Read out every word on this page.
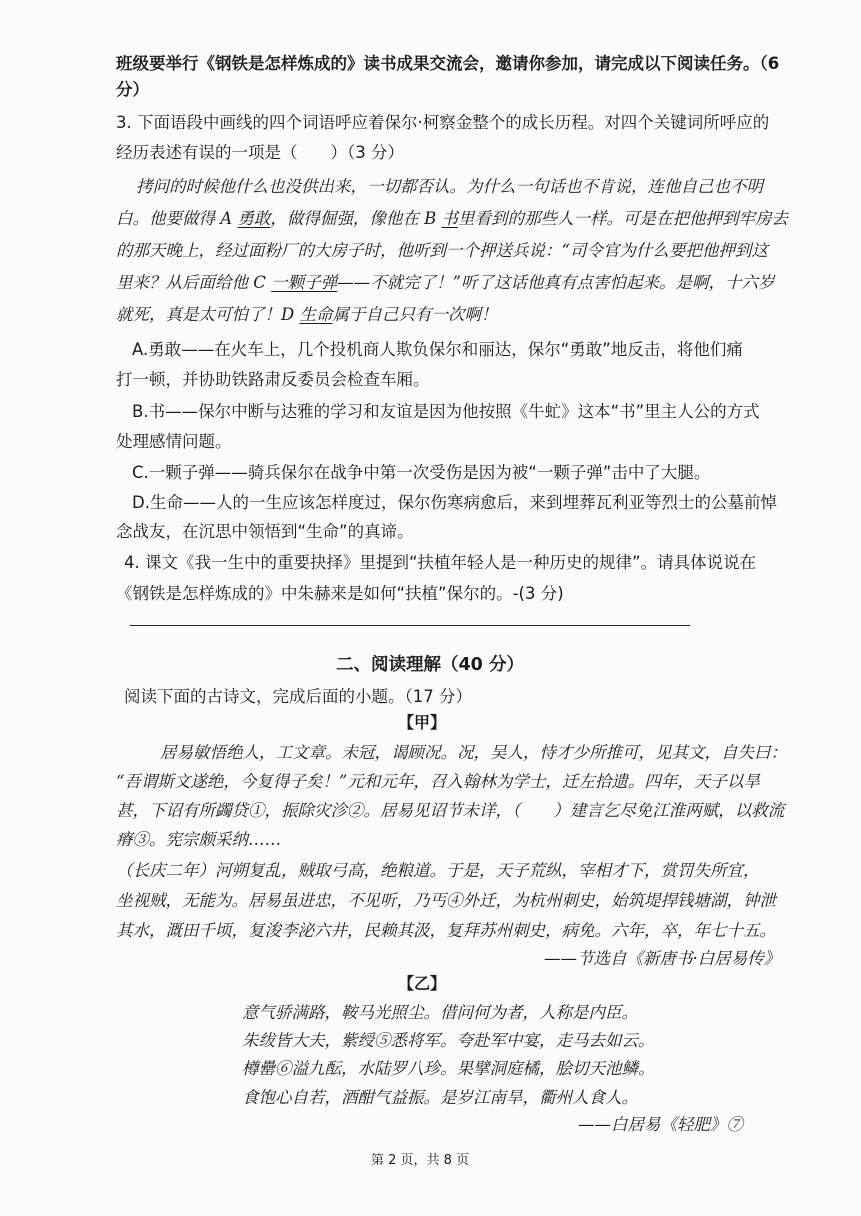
班级要举行《钢铁是怎样炼成的》读书成果交流会，邀请你参加，请完成以下阅读任务。（6
分）
3. 下面语段中画线的四个词语呼应着保尔·柯察金整个的成长历程。对四个关键词所呼应的
经历表述有误的一项是（　　）（3 分）
拷问的时候他什么也没供出来，一切都否认。为什么一句话也不肯说，连他自己也不明
白。他要做得 A 勇敢，做得倔强，像他在 B 书里看到的那些人一样。可是在把他押到牢房去
的那天晚上，经过面粉厂的大房子时，他听到一个押送兵说：“司令官为什么要把他押到这
里来？从后面给他 C 一颗子弹——不就完了！”听了这话他真有点害怕起来。是啊，十六岁
就死，真是太可怕了！D 生命属于自己只有一次啊！
A.勇敢——在火车上，几个投机商人欺负保尔和丽达，保尔“勇敢”地反击，将他们痛
打一顿，并协助铁路肃反委员会检查车厢。
B.书——保尔中断与达雅的学习和友谊是因为他按照《牛虻》这本“书”里主人公的方式
处理感情问题。
C.一颗子弹——骑兵保尔在战争中第一次受伤是因为被“一颗子弹”击中了大腿。
D.生命——人的一生应该怎样度过，保尔伤寒病愈后，来到埋葬瓦利亚等烈士的公墓前悼
念战友，在沉思中领悟到“生命”的真谛。
4. 课文《我一生中的重要抉择》里提到“扶植年轻人是一种历史的规律”。请具体说说在
《钢铁是怎样炼成的》中朱赫来是如何“扶植”保尔的。-(3 分)
二、阅读理解（40 分）
阅读下面的古诗文，完成后面的小题。（17 分）
【甲】
居易敏悟绝人，工文章。未冠，谒顾况。况，吴人，恃才少所推可，见其文，自失曰：
“吾谓斯文遂绝，今复得子矣！”元和元年，召入翰林为学士，迁左拾遗。四年，天子以旱
甚，下诏有所蠲贷①，振除灾沴②。居易见诏节未详，（　　）建言乞尽免江淮两赋，以救流
瘠③。宪宗颇采纳……
（长庆二年）河朔复乱，贼取弓高，绝粮道。于是，天子荒纵，宰相才下，赏罚失所宜，
坐视贼，无能为。居易虽进忠，不见听，乃丐④外迁，为杭州刺史，始筑堤捍钱塘湖，钟泄
其水，溉田千顷，复浚李泌六井，民赖其汲，复拜苏州刺史，病免。六年，卒，年七十五。
——节选自《新唐书·白居易传》
【乙】
意气骄满路，鞍马光照尘。借问何为者，人称是内臣。
朱绂皆大夫，紫绶⑤悉将军。夸赴军中宴，走马去如云。
樽罍⑥溢九酝，水陆罗八珍。果擘洞庭橘，脍切天池鳞。
食饱心自若，酒酣气益振。是岁江南旱，衢州人食人。
——白居易《轻肥》⑦
第 2 页，共 8 页
